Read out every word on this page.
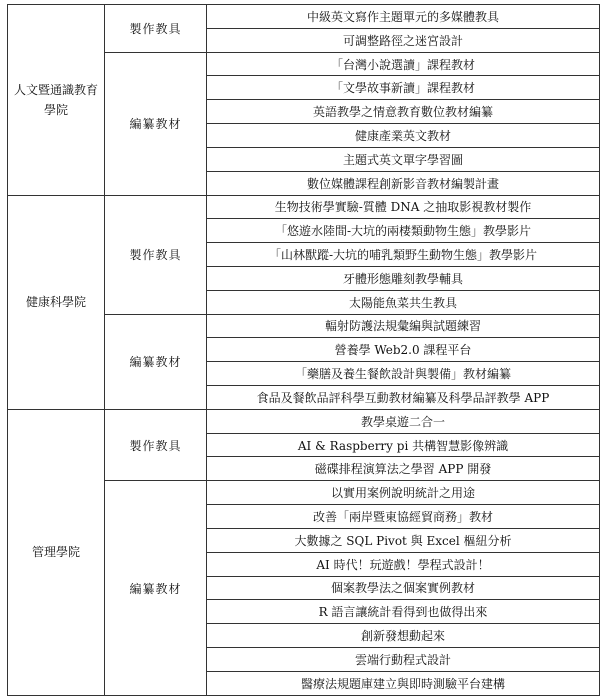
人文暨通識教育學院	製作教具	中級英文寫作主題單元的多媒體教具
		可調整路徑之迷宮設計
	編纂教材	「台灣小說選讀」課程教材
		「文學故事新讀」課程教材
		英語教學之情意教育數位教材編纂
		健康產業英文教材
		主題式英文單字學習圖
		數位媒體課程創新影音教材編製計畫

健康科學院	製作教具	生物技術學實驗-質體 DNA 之抽取影視教材製作
		「悠遊水陸間-大坑的兩棲類動物生態」教學影片
		「山林獸蹤-大坑的哺乳類野生動物生態」教學影片
		牙體形態雕刻教學輔具
		太陽能魚菜共生教具
	編纂教材	輻射防護法規彙編與試題練習
		營養學 Web2.0 課程平台
		「藥膳及養生餐飲設計與製備」教材編纂
		食品及餐飲品評科學互動教材編纂及科學品評教學 APP

管理學院	製作教具	教學桌遊二合一
		AI & Raspberry pi 共構智慧影像辨識
		磁碟排程演算法之學習 APP 開發
	編纂教材	以實用案例說明統計之用途
		改善「兩岸暨東協經貿商務」教材
		大數據之 SQL Pivot 與 Excel 樞紐分析
		AI 時代！玩遊戲！學程式設計！
		個案教學法之個案實例教材
		R 語言讓統計看得到也做得出來
		創新發想動起來
		雲端行動程式設計
		醫療法規題庫建立與即時測驗平台建構
